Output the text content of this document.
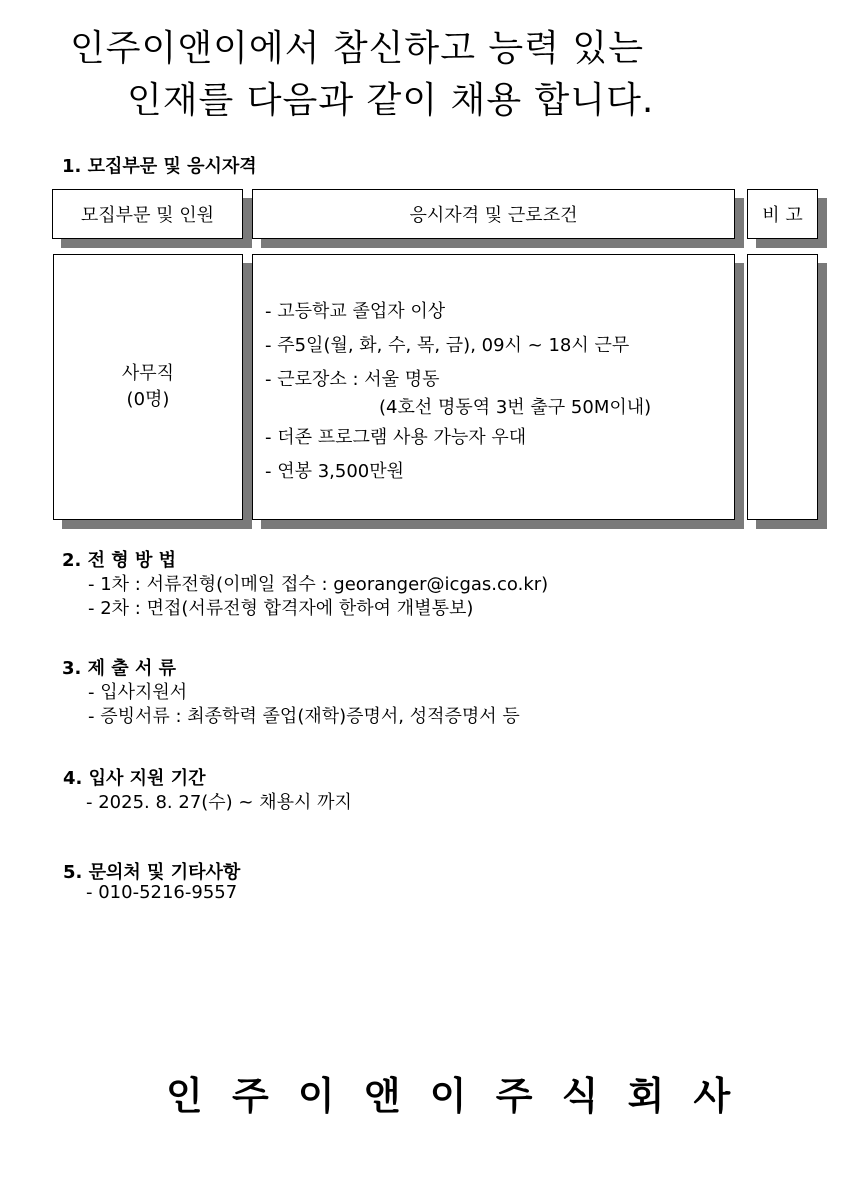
인주이앤이에서 참신하고 능력 있는
인재를 다음과 같이 채용 합니다.
1. 모집부문 및 응시자격
모집부문 및 인원	응시자격 및 근로조건	비 고
사무직
(0명)
- 고등학교 졸업자 이상
- 주5일(월, 화, 수, 목, 금), 09시 ~ 18시 근무
- 근로장소 : 서울 명동
(4호선 명동역 3번 출구 50M이내)
- 더존 프로그램 사용 가능자 우대
- 연봉 3,500만원
2. 전 형 방 법
- 1차 : 서류전형(이메일 접수 : georanger@icgas.co.kr)
- 2차 : 면접(서류전형 합격자에 한하여 개별통보)
3. 제 출 서 류
- 입사지원서
- 증빙서류 : 최종학력 졸업(재학)증명서, 성적증명서 등
4. 입사 지원 기간
- 2025. 8. 27(수) ~ 채용시 까지
5. 문의처 및 기타사항
- 010-5216-9557
인 주 이 앤 이 주 식 회 사
